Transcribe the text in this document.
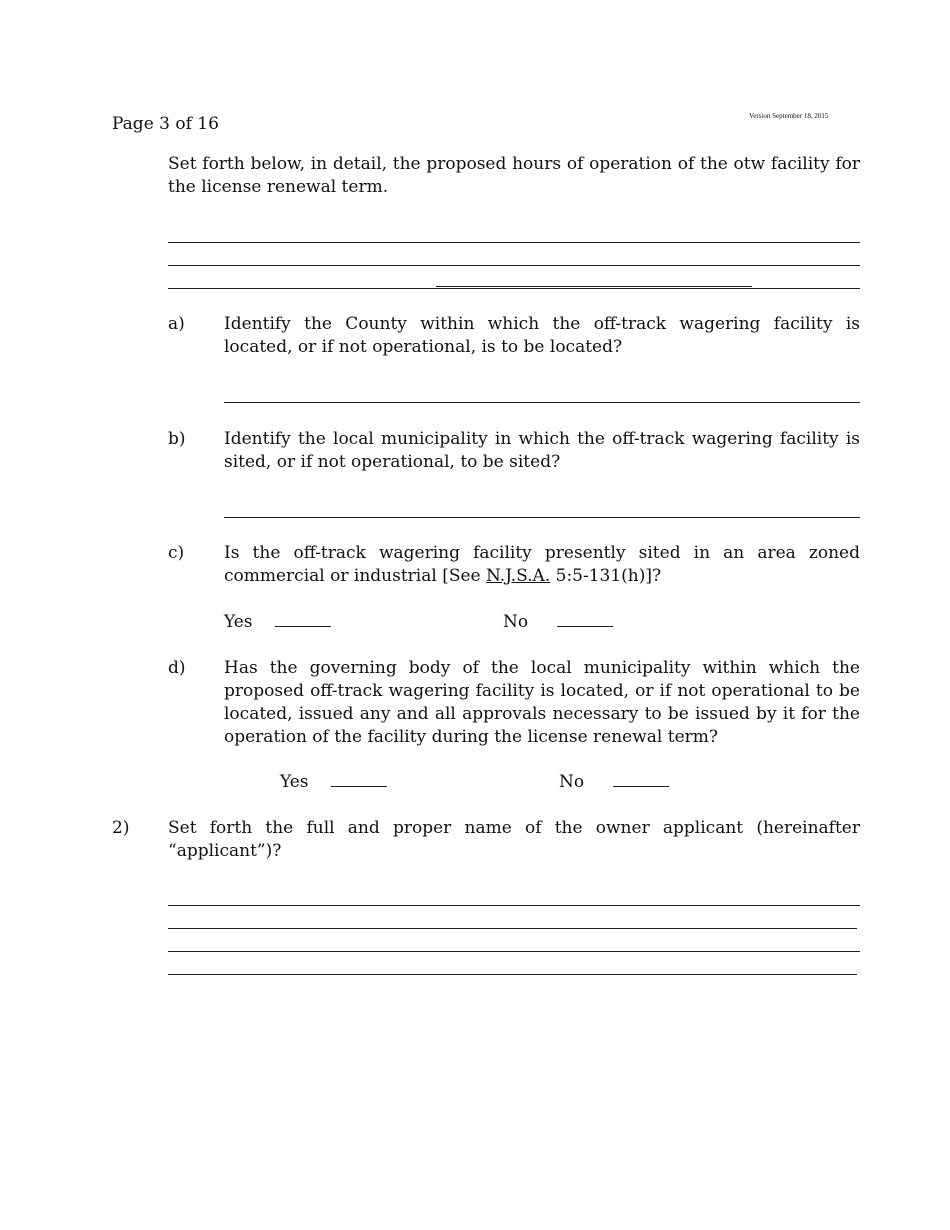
Page 3 of 16	Version September 18, 2015

Set forth below, in detail, the proposed hours of operation of the otw facility for the license renewal term.

a) Identify the County within which the off-track wagering facility is located, or if not operational, is to be located?

b) Identify the local municipality in which the off-track wagering facility is sited, or if not operational, to be sited?

c) Is the off-track wagering facility presently sited in an area zoned commercial or industrial [See N.J.S.A. 5:5-131(h)]?

Yes	No
d) Has the governing body of the local municipality within which the proposed off-track wagering facility is located, or if not operational to be located, issued any and all approvals necessary to be issued by it for the operation of the facility during the license renewal term?

Yes	No
2) Set forth the full and proper name of the owner applicant (hereinafter “applicant”)?
